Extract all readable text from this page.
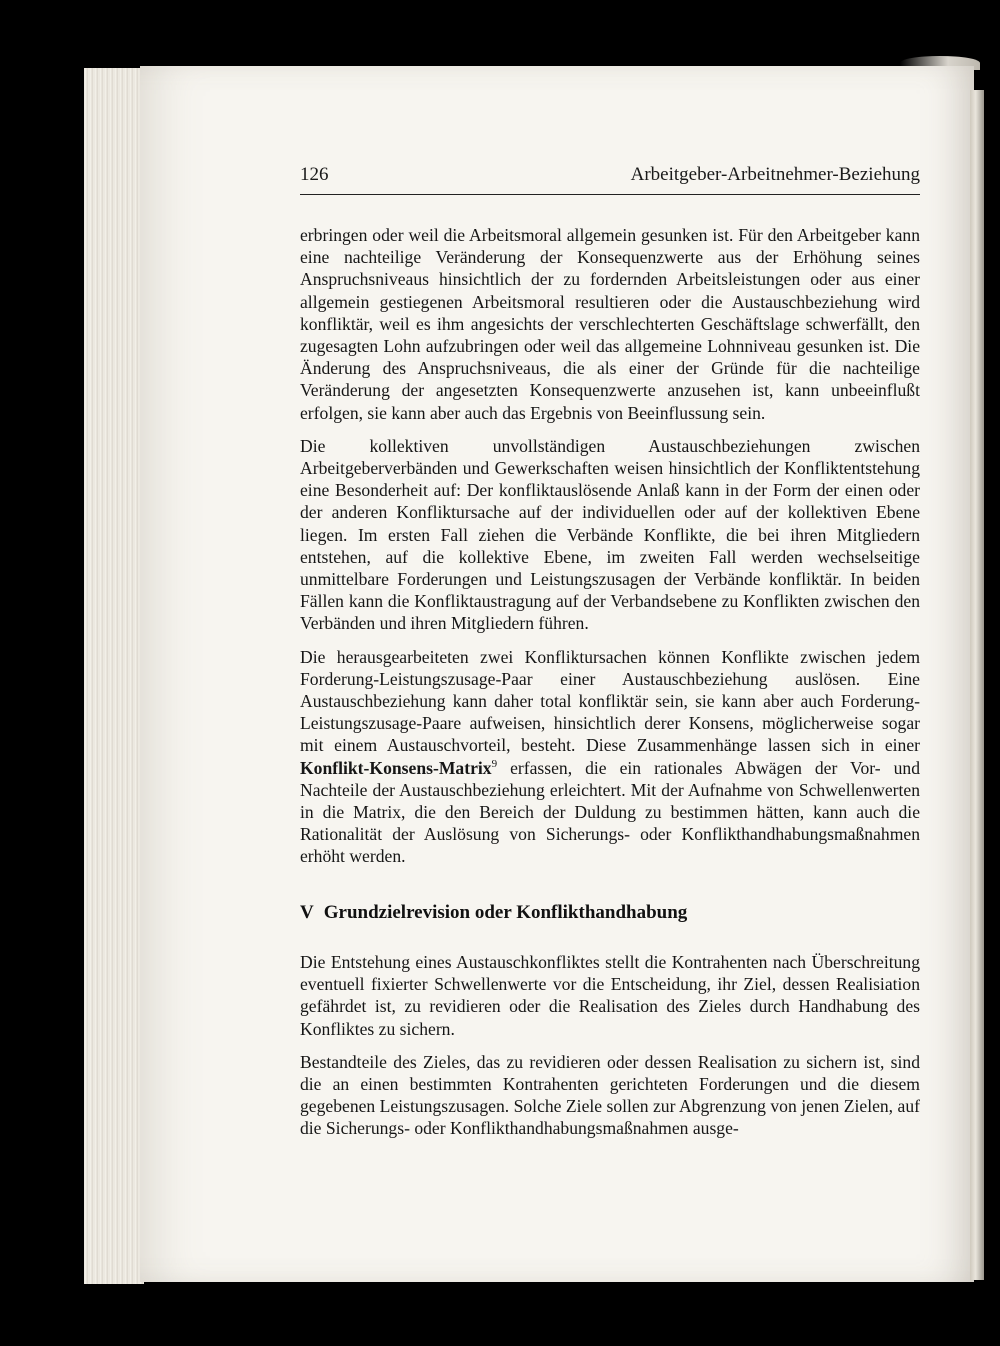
126	Arbeitgeber-Arbeitnehmer-Beziehung

erbringen oder weil die Arbeitsmoral allgemein gesunken ist. Für den Arbeitgeber kann eine nachteilige Veränderung der Konsequenzwerte aus der Erhöhung seines Anspruchsniveaus hinsichtlich der zu fordernden Arbeitsleistungen oder aus einer allgemein gestiegenen Arbeitsmoral resultieren oder die Austauschbeziehung wird konfliktär, weil es ihm angesichts der verschlechterten Geschäftslage schwerfällt, den zugesagten Lohn aufzubringen oder weil das allgemeine Lohnniveau gesunken ist. Die Änderung des Anspruchsniveaus, die als einer der Gründe für die nachteilige Veränderung der angesetzten Konsequenzwerte anzusehen ist, kann unbeeinflußt erfolgen, sie kann aber auch das Ergebnis von Beeinflussung sein.

Die kollektiven unvollständigen Austauschbeziehungen zwischen Arbeitgeberverbänden und Gewerkschaften weisen hinsichtlich der Konfliktentstehung eine Besonderheit auf: Der konfliktauslösende Anlaß kann in der Form der einen oder der anderen Konfliktursache auf der individuellen oder auf der kollektiven Ebene liegen. Im ersten Fall ziehen die Verbände Konflikte, die bei ihren Mitgliedern entstehen, auf die kollektive Ebene, im zweiten Fall werden wechselseitige unmittelbare Forderungen und Leistungszusagen der Verbände konfliktär. In beiden Fällen kann die Konfliktaustragung auf der Verbandsebene zu Konflikten zwischen den Verbänden und ihren Mitgliedern führen.

Die herausgearbeiteten zwei Konfliktursachen können Konflikte zwischen jedem Forderung-Leistungszusage-Paar einer Austauschbeziehung auslösen. Eine Austauschbeziehung kann daher total konfliktär sein, sie kann aber auch Forderung-Leistungszusage-Paare aufweisen, hinsichtlich derer Konsens, möglicherweise sogar mit einem Austauschvorteil, besteht. Diese Zusammenhänge lassen sich in einer Konflikt-Konsens-Matrix$^9$ erfassen, die ein rationales Abwägen der Vor- und Nachteile der Austauschbeziehung erleichtert. Mit der Aufnahme von Schwellenwerten in die Matrix, die den Bereich der Duldung zu bestimmen hätten, kann auch die Rationalität der Auslösung von Sicherungs- oder Konflikthandhabungsmaßnahmen erhöht werden.

V Grundzielrevision oder Konflikthandhabung

Die Entstehung eines Austauschkonfliktes stellt die Kontrahenten nach Überschreitung eventuell fixierter Schwellenwerte vor die Entscheidung, ihr Ziel, dessen Realisiation gefährdet ist, zu revidieren oder die Realisation des Zieles durch Handhabung des Konfliktes zu sichern.

Bestandteile des Zieles, das zu revidieren oder dessen Realisation zu sichern ist, sind die an einen bestimmten Kontrahenten gerichteten Forderungen und die diesem gegebenen Leistungszusagen. Solche Ziele sollen zur Abgrenzung von jenen Zielen, auf die Sicherungs- oder Konflikthandhabungsmaßnahmen ausge-
